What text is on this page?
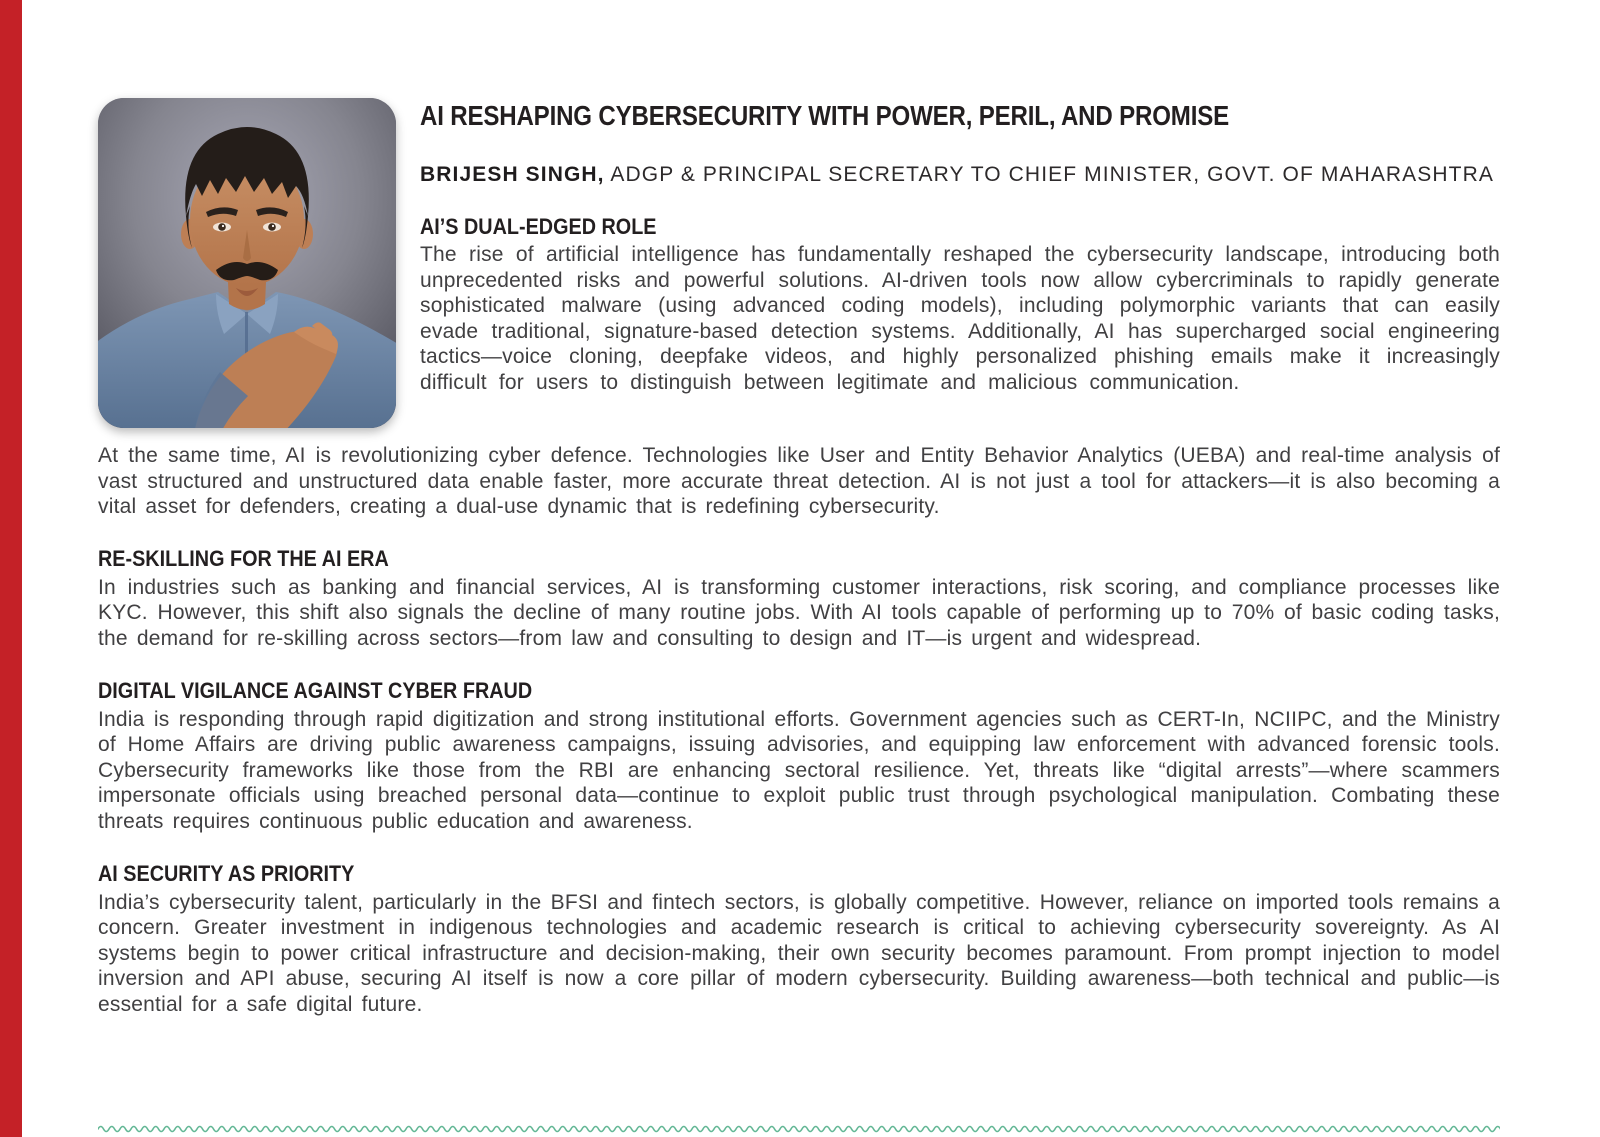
AI RESHAPING CYBERSECURITY WITH POWER, PERIL, AND PROMISE
BRIJESH SINGH, ADGP & PRINCIPAL SECRETARY TO CHIEF MINISTER, GOVT. OF MAHARASHTRA
AI’S DUAL-EDGED ROLE

The rise of artificial intelligence has fundamentally reshaped the cybersecurity landscape, introducing both unprecedented risks and powerful solutions. AI-driven tools now allow cybercriminals to rapidly generate sophisticated malware (using advanced coding models), including polymorphic variants that can easily evade traditional, signature-based detection systems. Additionally, AI has supercharged social engineering tactics—voice cloning, deepfake videos, and highly personalized phishing emails make it increasingly difficult for users to distinguish between legitimate and malicious communication.

At the same time, AI is revolutionizing cyber defence. Technologies like User and Entity Behavior Analytics (UEBA) and real-time analysis of vast structured and unstructured data enable faster, more accurate threat detection. AI is not just a tool for attackers—it is also becoming a vital asset for defenders, creating a dual-use dynamic that is redefining cybersecurity.

RE-SKILLING FOR THE AI ERA

In industries such as banking and financial services, AI is transforming customer interactions, risk scoring, and compliance processes like KYC. However, this shift also signals the decline of many routine jobs. With AI tools capable of performing up to 70% of basic coding tasks, the demand for re-skilling across sectors—from law and consulting to design and IT—is urgent and widespread.

DIGITAL VIGILANCE AGAINST CYBER FRAUD

India is responding through rapid digitization and strong institutional efforts. Government agencies such as CERT-In, NCIIPC, and the Ministry of Home Affairs are driving public awareness campaigns, issuing advisories, and equipping law enforcement with advanced forensic tools. Cybersecurity frameworks like those from the RBI are enhancing sectoral resilience. Yet, threats like “digital arrests”—where scammers impersonate officials using breached personal data—continue to exploit public trust through psychological manipulation. Combating these threats requires continuous public education and awareness.

AI SECURITY AS PRIORITY

India’s cybersecurity talent, particularly in the BFSI and fintech sectors, is globally competitive. However, reliance on imported tools remains a concern. Greater investment in indigenous technologies and academic research is critical to achieving cybersecurity sovereignty. As AI systems begin to power critical infrastructure and decision-making, their own security becomes paramount. From prompt injection to model inversion and API abuse, securing AI itself is now a core pillar of modern cybersecurity. Building awareness—both technical and public—is essential for a safe digital future.
